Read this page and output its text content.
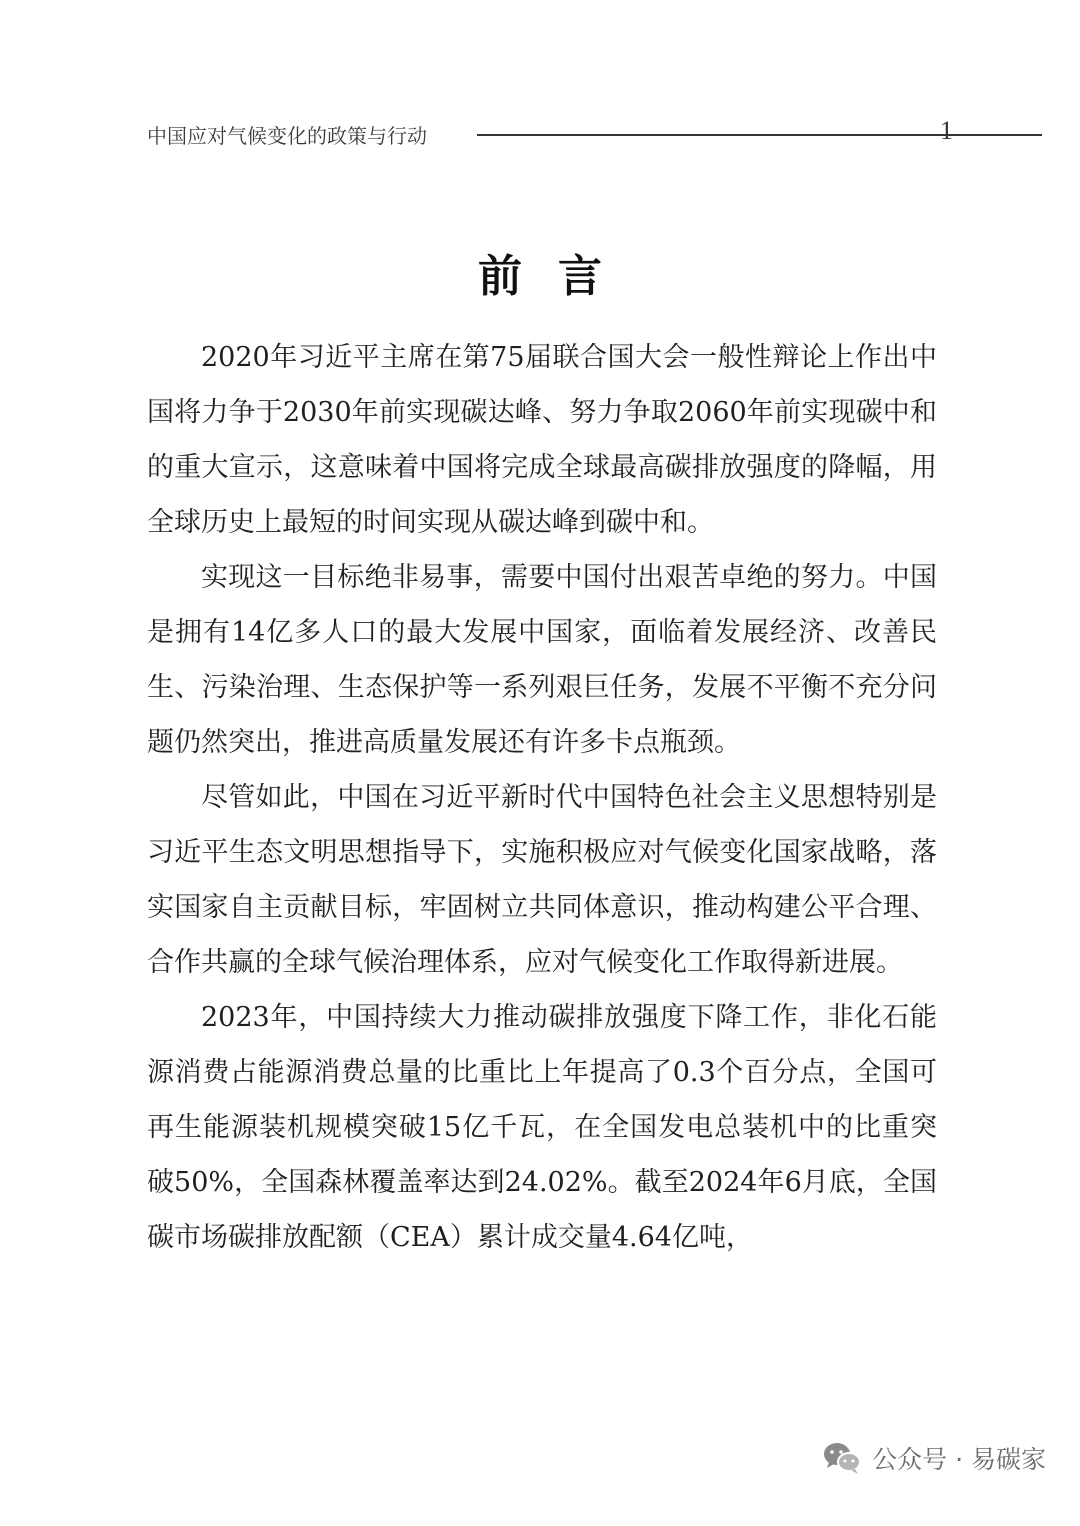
中国应对气候变化的政策与行动	1
前言

2020年习近平主席在第75届联合国大会一般性辩论上作出中国将力争于2030年前实现碳达峰、努力争取2060年前实现碳中和的重大宣示，这意味着中国将完成全球最高碳排放强度的降幅，用全球历史上最短的时间实现从碳达峰到碳中和。

实现这一目标绝非易事，需要中国付出艰苦卓绝的努力。中国是拥有14亿多人口的最大发展中国家，面临着发展经济、改善民生、污染治理、生态保护等一系列艰巨任务，发展不平衡不充分问题仍然突出，推进高质量发展还有许多卡点瓶颈。

尽管如此，中国在习近平新时代中国特色社会主义思想特别是习近平生态文明思想指导下，实施积极应对气候变化国家战略，落实国家自主贡献目标，牢固树立共同体意识，推动构建公平合理、合作共赢的全球气候治理体系，应对气候变化工作取得新进展。

2023年，中国持续大力推动碳排放强度下降工作，非化石能源消费占能源消费总量的比重比上年提高了0.3个百分点，全国可再生能源装机规模突破15亿千瓦，在全国发电总装机中的比重突破50%，全国森林覆盖率达到24.02%。截至2024年6月底，全国碳市场碳排放配额（CEA）累计成交量4.64亿吨，

公众号 · 易碳家
